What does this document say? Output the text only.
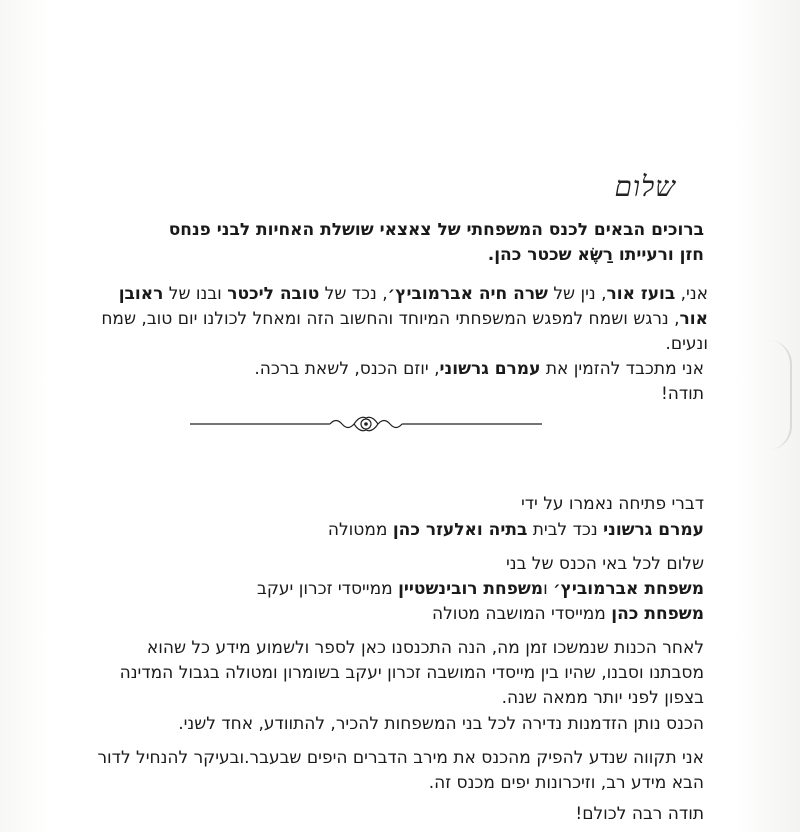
שלום

ברוכים הבאים לכנס המשפחתי של צאצאי שושלת האחיות לבני פנחס חזן ורעייתו רַשֶּׂא שכטר כהן.

אני, בועז אור, נין של שרה חיה אברמוביץ׳, נכד של טובה ליכטר ובנו של ראובן אור, נרגש ושמח למפגש המשפחתי המיוחד והחשוב הזה ומאחל לכולנו יום טוב, שמח ונעים.

אני מתכבד להזמין את עמרם גרשוני, יוזם הכנס, לשאת ברכה.

תודה!

דברי פתיחה נאמרו על ידי

עמרם גרשוני נכד לבית בתיה ואלעזר כהן ממטולה

שלום לכל באי הכנס של בני

משפחת אברמוביץ׳ ומשפחת רובינשטיין ממייסדי זכרון יעקב

משפחת כהן ממייסדי המושבה מטולה

לאחר הכנות שנמשכו זמן מה, הנה התכנסנו כאן לספר ולשמוע מידע כל שהוא מסבתנו וסבנו, שהיו בין מייסדי המושבה זכרון יעקב בשומרון ומטולה בגבול המדינה בצפון לפני יותר ממאה שנה.

הכנס נותן הזדמנות נדירה לכל בני המשפחות להכיר, להתוודע, אחד לשני.

אני תקווה שנדע להפיק מהכנס את מירב הדברים היפים שבעבר.ובעיקר להנחיל לדור הבא מידע רב, וזיכרונות יפים מכנס זה.

תודה רבה לכולם!
